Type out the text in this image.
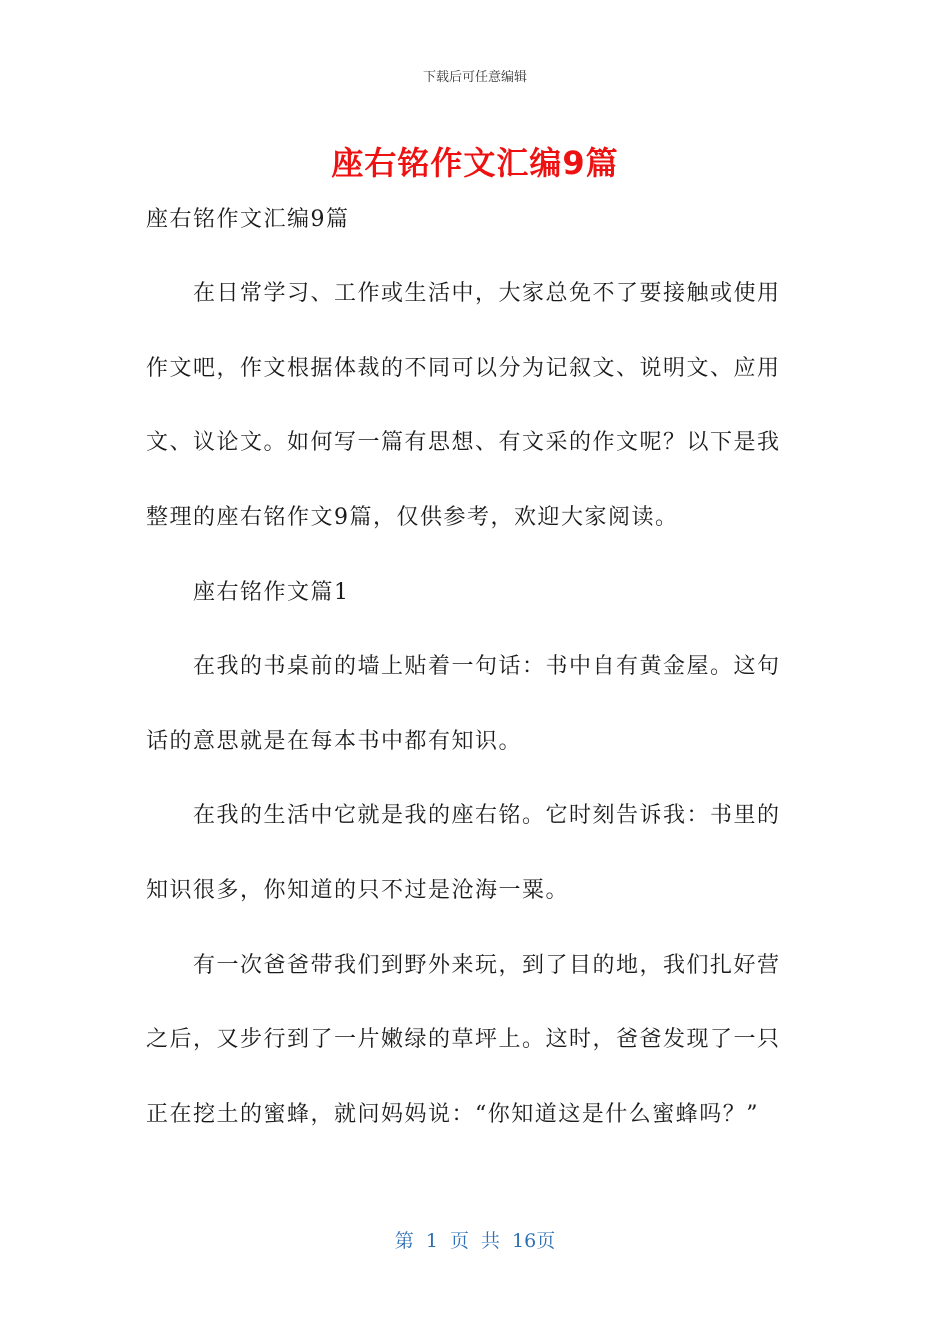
下载后可任意编辑
座右铭作文汇编9篇
座右铭作文汇编9篇
　　在日常学习、工作或生活中，大家总免不了要接触或使用
作文吧，作文根据体裁的不同可以分为记叙文、说明文、应用
文、议论文。如何写一篇有思想、有文采的作文呢？以下是我
整理的座右铭作文9篇，仅供参考，欢迎大家阅读。
　　座右铭作文篇1
　　在我的书桌前的墙上贴着一句话：书中自有黄金屋。这句
话的意思就是在每本书中都有知识。
　　在我的生活中它就是我的座右铭。它时刻告诉我：书里的
知识很多，你知道的只不过是沧海一粟。
　　有一次爸爸带我们到野外来玩，到了目的地，我们扎好营
之后，又步行到了一片嫩绿的草坪上。这时，爸爸发现了一只
正在挖土的蜜蜂，就问妈妈说：“你知道这是什么蜜蜂吗？”
第 1 页 共 16页
